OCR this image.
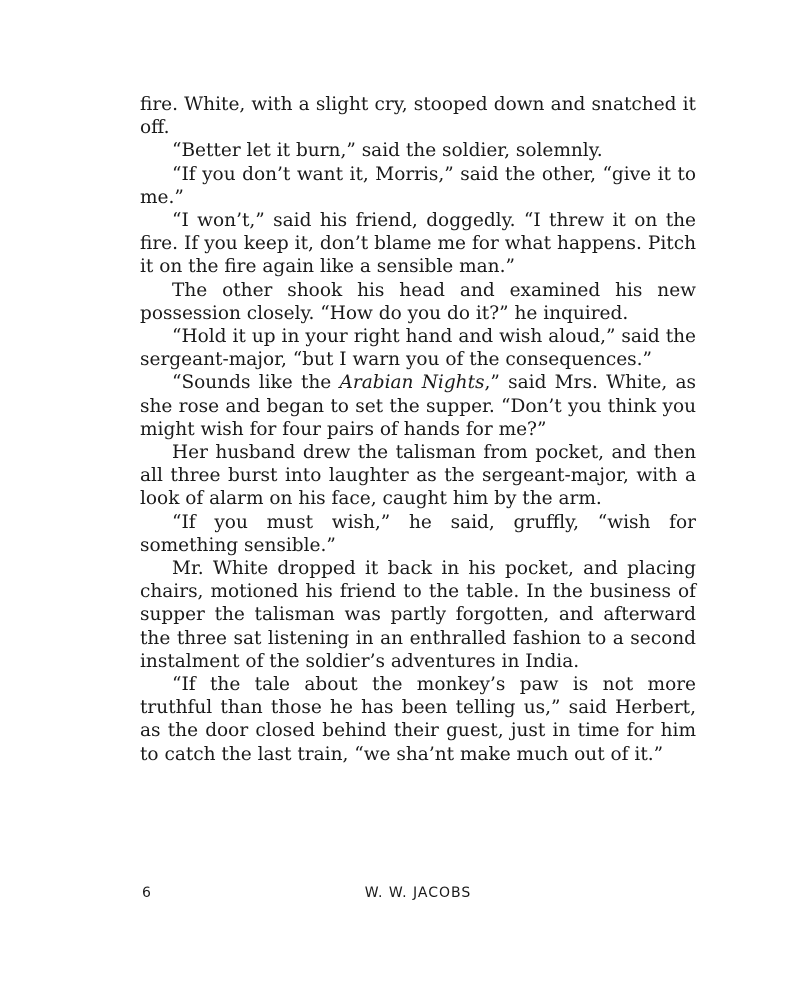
fire. White, with a slight cry, stooped down and snatched it off.

“Better let it burn,” said the soldier, solemnly.

“If you don’t want it, Morris,” said the other, “give it to me.”

“I won’t,” said his friend, doggedly. “I threw it on the fire. If you keep it, don’t blame me for what happens. Pitch it on the fire again like a sensible man.”

The other shook his head and examined his new possession closely. “How do you do it?” he inquired.

“Hold it up in your right hand and wish aloud,” said the sergeant-major, “but I warn you of the consequences.”

“Sounds like the Arabian Nights,” said Mrs. White, as she rose and began to set the supper. “Don’t you think you might wish for four pairs of hands for me?”

Her husband drew the talisman from pocket, and then all three burst into laughter as the sergeant-major, with a look of alarm on his face, caught him by the arm.

“If you must wish,” he said, gruffly, “wish for something sensible.”

Mr. White dropped it back in his pocket, and placing chairs, motioned his friend to the table. In the business of supper the talisman was partly forgotten, and afterward the three sat listening in an enthralled fashion to a second instalment of the soldier’s adventures in India.

“If the tale about the monkey’s paw is not more truthful than those he has been telling us,” said Herbert, as the door closed behind their guest, just in time for him to catch the last train, “we sha’nt make much out of it.”

6	W. W. JACOBS
